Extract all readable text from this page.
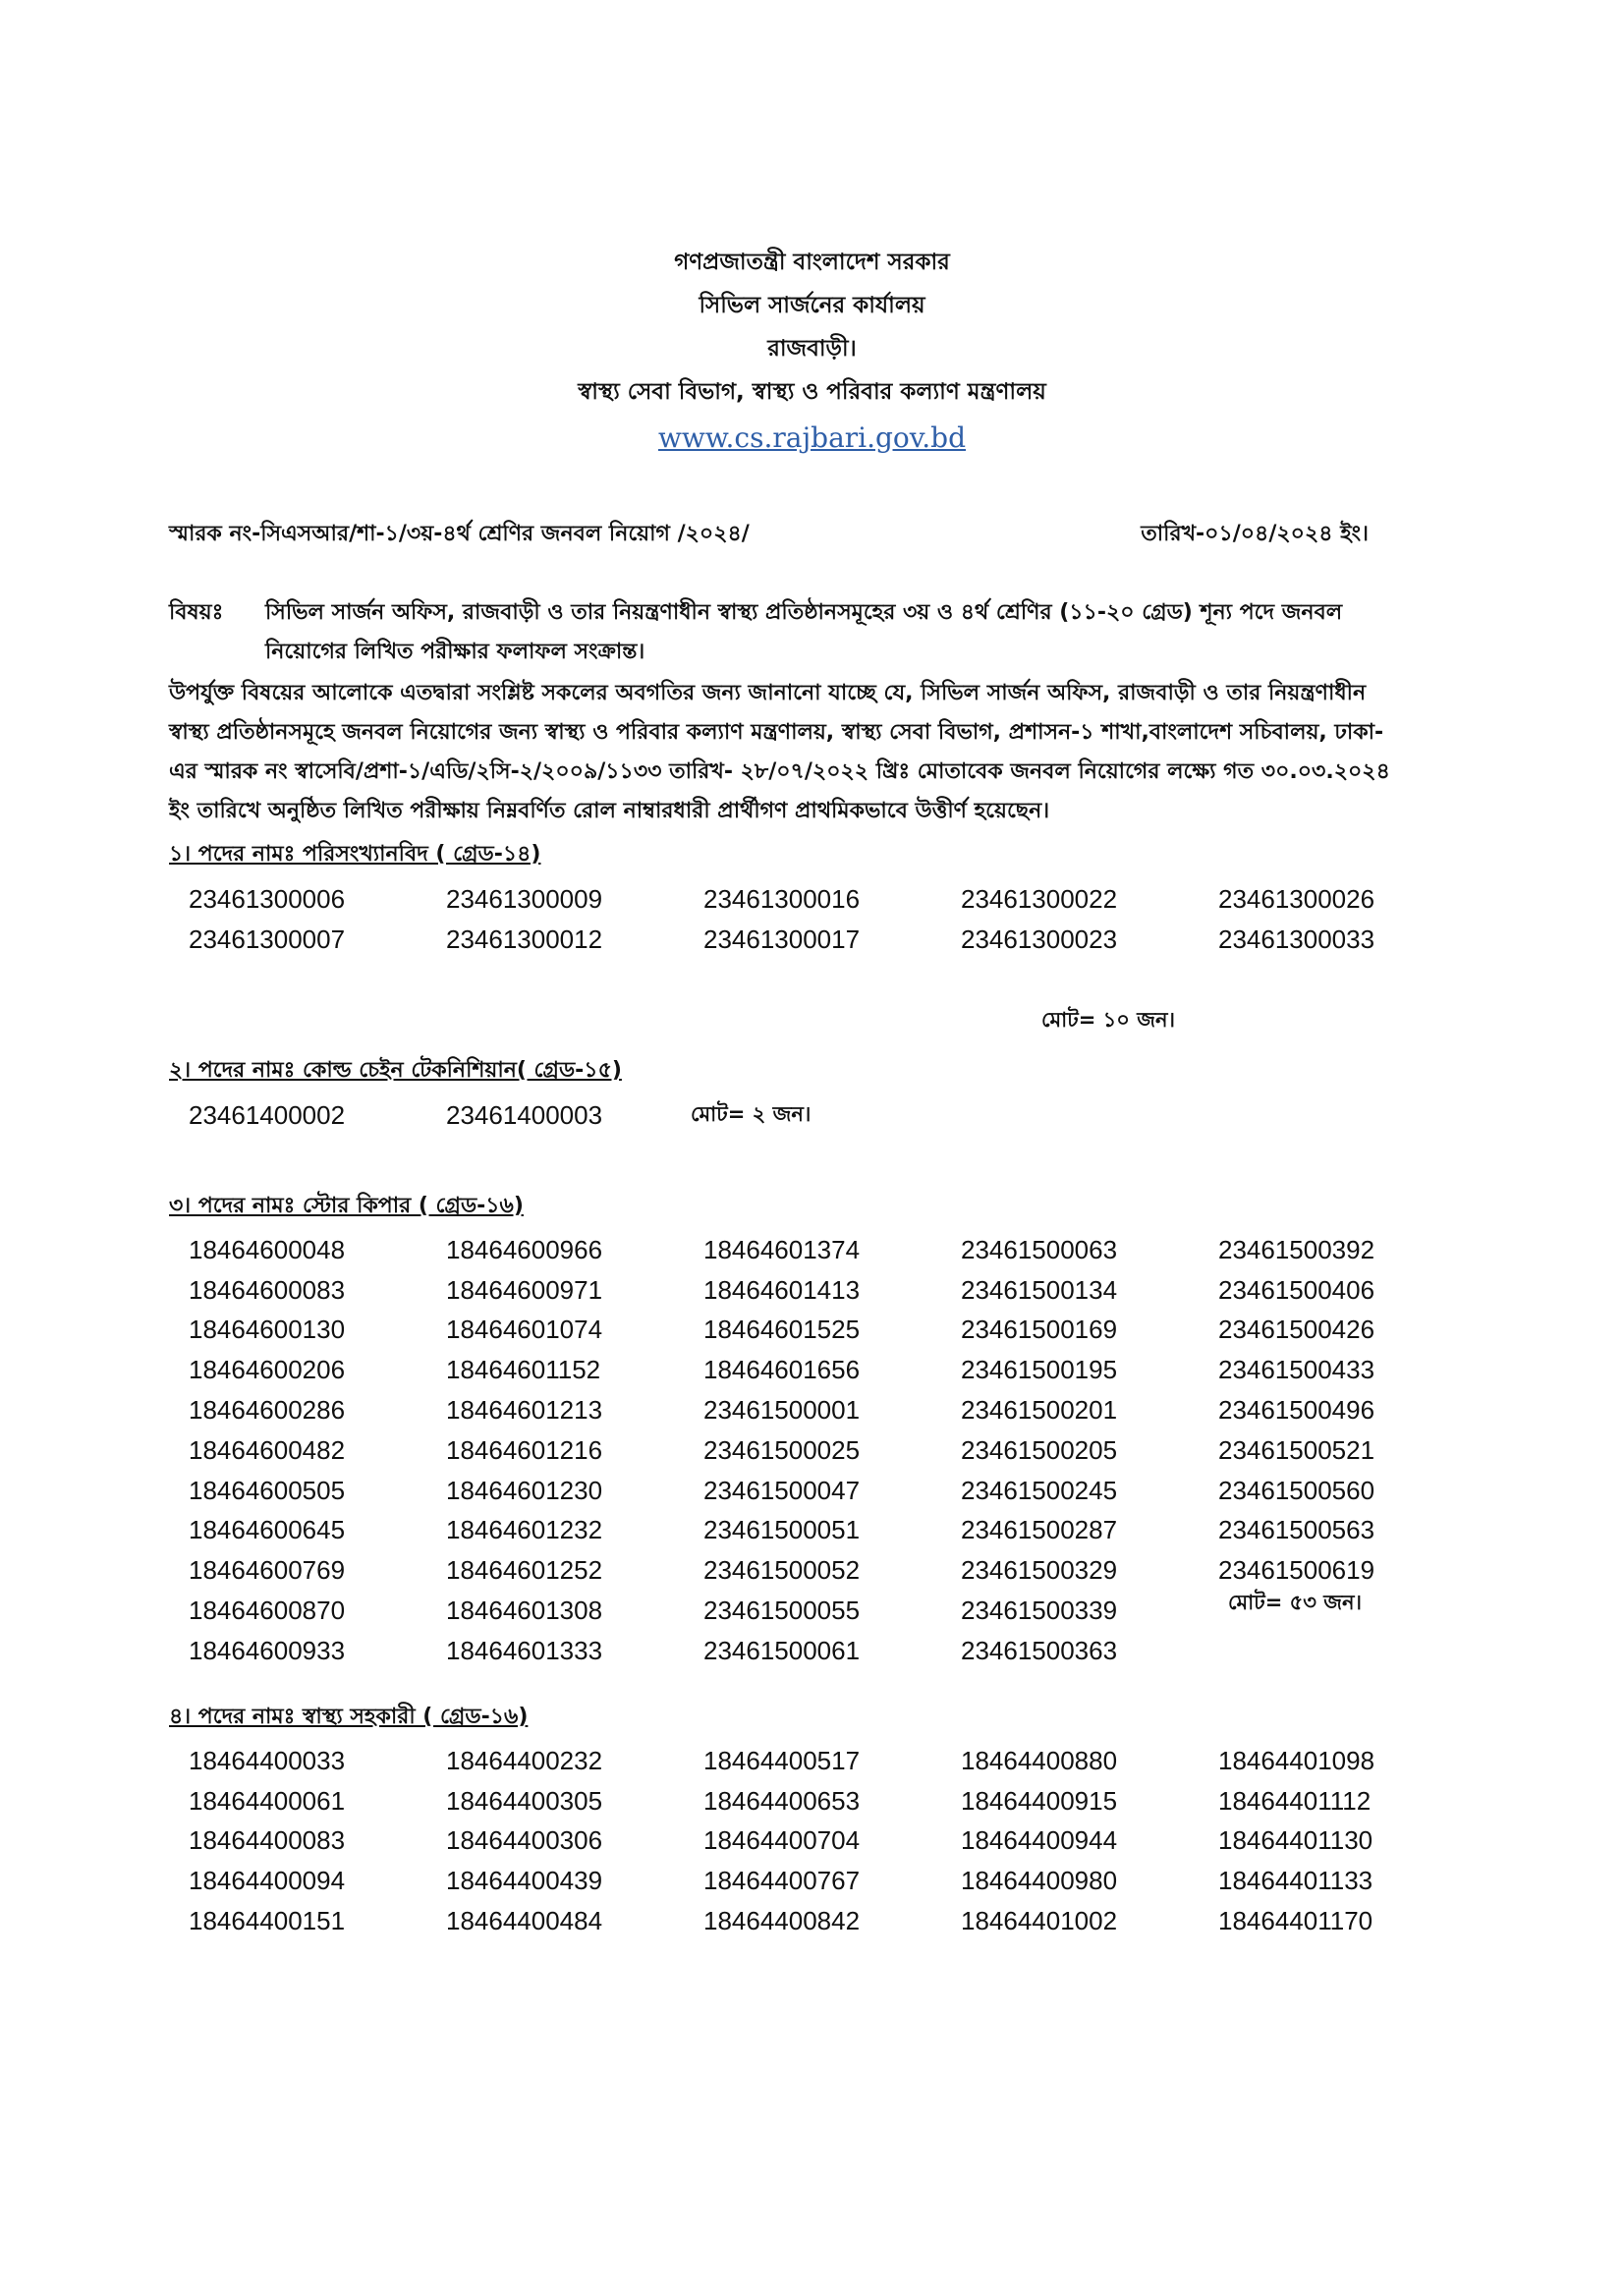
গণপ্রজাতন্ত্রী বাংলাদেশ সরকার
সিভিল সার্জনের কার্যালয়
রাজবাড়ী।
স্বাস্থ্য সেবা বিভাগ, স্বাস্থ্য ও পরিবার কল্যাণ মন্ত্রণালয়
www.cs.rajbari.gov.bd
স্মারক নং-সিএসআর/শা-১/৩য়-৪র্থ শ্রেণির জনবল নিয়োগ /২০২৪/	তারিখ-০১/০৪/২০২৪ ইং।
বিষয়ঃ সিভিল সার্জন অফিস, রাজবাড়ী ও তার নিয়ন্ত্রণাধীন স্বাস্থ্য প্রতিষ্ঠানসমূহের ৩য় ও ৪র্থ শ্রেণির (১১-২০ গ্রেড) শূন্য পদে জনবল নিয়োগের লিখিত পরীক্ষার ফলাফল সংক্রান্ত।
উপর্যুক্ত বিষয়ের আলোকে এতদ্বারা সংশ্লিষ্ট সকলের অবগতির জন্য জানানো যাচ্ছে যে, সিভিল সার্জন অফিস, রাজবাড়ী ও তার নিয়ন্ত্রণাধীন স্বাস্থ্য প্রতিষ্ঠানসমূহে জনবল নিয়োগের জন্য স্বাস্থ্য ও পরিবার কল্যাণ মন্ত্রণালয়, স্বাস্থ্য সেবা বিভাগ, প্রশাসন-১ শাখা,বাংলাদেশ সচিবালয়, ঢাকা-এর স্মারক নং স্বাসেবি/প্রশা-১/এডি/২সি-২/২০০৯/১১৩৩ তারিখ- ২৮/০৭/২০২২ খ্রিঃ মোতাবেক জনবল নিয়োগের লক্ষ্যে গত ৩০.০৩.২০২৪ ইং তারিখে অনুষ্ঠিত লিখিত পরীক্ষায় নিম্নবর্ণিত রোল নাম্বারধারী প্রার্থীগণ প্রাথমিকভাবে উত্তীর্ণ হয়েছেন।
১। পদের নামঃ পরিসংখ্যানবিদ ( গ্রেড-১৪)
23461300006	23461300009	23461300016	23461300022	23461300026
23461300007	23461300012	23461300017	23461300023	23461300033
মোট= ১০ জন।
২। পদের নামঃ কোল্ড চেইন টেকনিশিয়ান( গ্রেড-১৫)
23461400002	23461400003	মোট= ২ জন।
৩। পদের নামঃ স্টোর কিপার ( গ্রেড-১৬)
18464600048	18464600966	18464601374	23461500063	23461500392
18464600083	18464600971	18464601413	23461500134	23461500406
18464600130	18464601074	18464601525	23461500169	23461500426
18464600206	18464601152	18464601656	23461500195	23461500433
18464600286	18464601213	23461500001	23461500201	23461500496
18464600482	18464601216	23461500025	23461500205	23461500521
18464600505	18464601230	23461500047	23461500245	23461500560
18464600645	18464601232	23461500051	23461500287	23461500563
18464600769	18464601252	23461500052	23461500329	23461500619
18464600870	18464601308	23461500055	23461500339
18464600933	18464601333	23461500061	23461500363
মোট= ৫৩ জন।
৪। পদের নামঃ স্বাস্থ্য সহকারী ( গ্রেড-১৬)
18464400033	18464400232	18464400517	18464400880	18464401098
18464400061	18464400305	18464400653	18464400915	18464401112
18464400083	18464400306	18464400704	18464400944	18464401130
18464400094	18464400439	18464400767	18464400980	18464401133
18464400151	18464400484	18464400842	18464401002	18464401170
